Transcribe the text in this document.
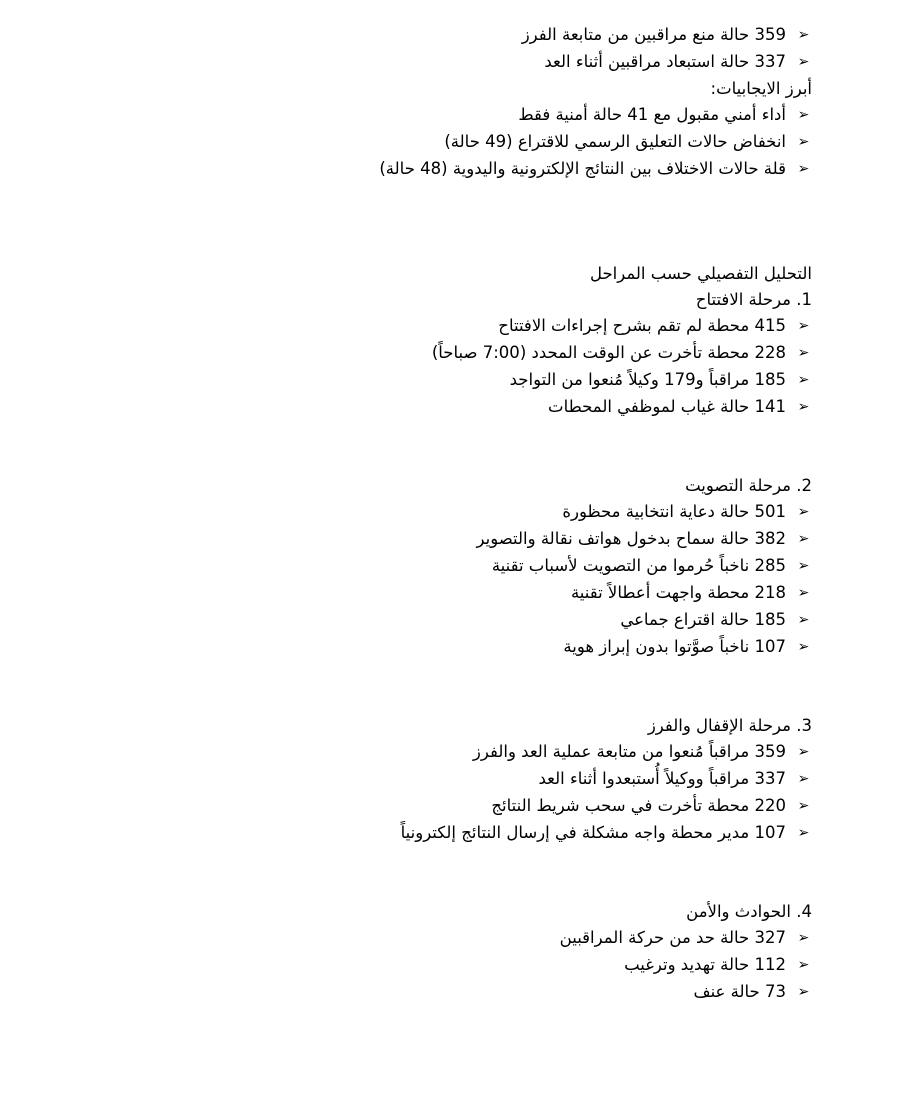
➢359 حالة منع مراقبين من متابعة الفرز
➢337 حالة استبعاد مراقبين أثناء العد
أبرز الايجابيات:
➢أداء أمني مقبول مع 41 حالة أمنية فقط
➢انخفاض حالات التعليق الرسمي للاقتراع (49 حالة)
➢قلة حالات الاختلاف بين النتائج الإلكترونية واليدوية (48 حالة)
التحليل التفصيلي حسب المراحل
1. مرحلة الافتتاح
➢415 محطة لم تقم بشرح إجراءات الافتتاح
➢228 محطة تأخرت عن الوقت المحدد (7:00 صباحاً)
➢185 مراقباً و179 وكيلاً مُنعوا من التواجد
➢141 حالة غياب لموظفي المحطات
2. مرحلة التصويت
➢501 حالة دعاية انتخابية محظورة
➢382 حالة سماح بدخول هواتف نقالة والتصوير
➢285 ناخباً حُرموا من التصويت لأسباب تقنية
➢218 محطة واجهت أعطالاً تقنية
➢185 حالة اقتراع جماعي
➢107 ناخباً صوَّتوا بدون إبراز هوية
3. مرحلة الإقفال والفرز
➢359 مراقباً مُنعوا من متابعة عملية العد والفرز
➢337 مراقباً ووكيلاً أُستبعدوا أثناء العد
➢220 محطة تأخرت في سحب شريط النتائج
➢107 مدير محطة واجه مشكلة في إرسال النتائج إلكترونياً
4. الحوادث والأمن
➢327 حالة حد من حركة المراقبين
➢112 حالة تهديد وترغيب
➢73 حالة عنف
